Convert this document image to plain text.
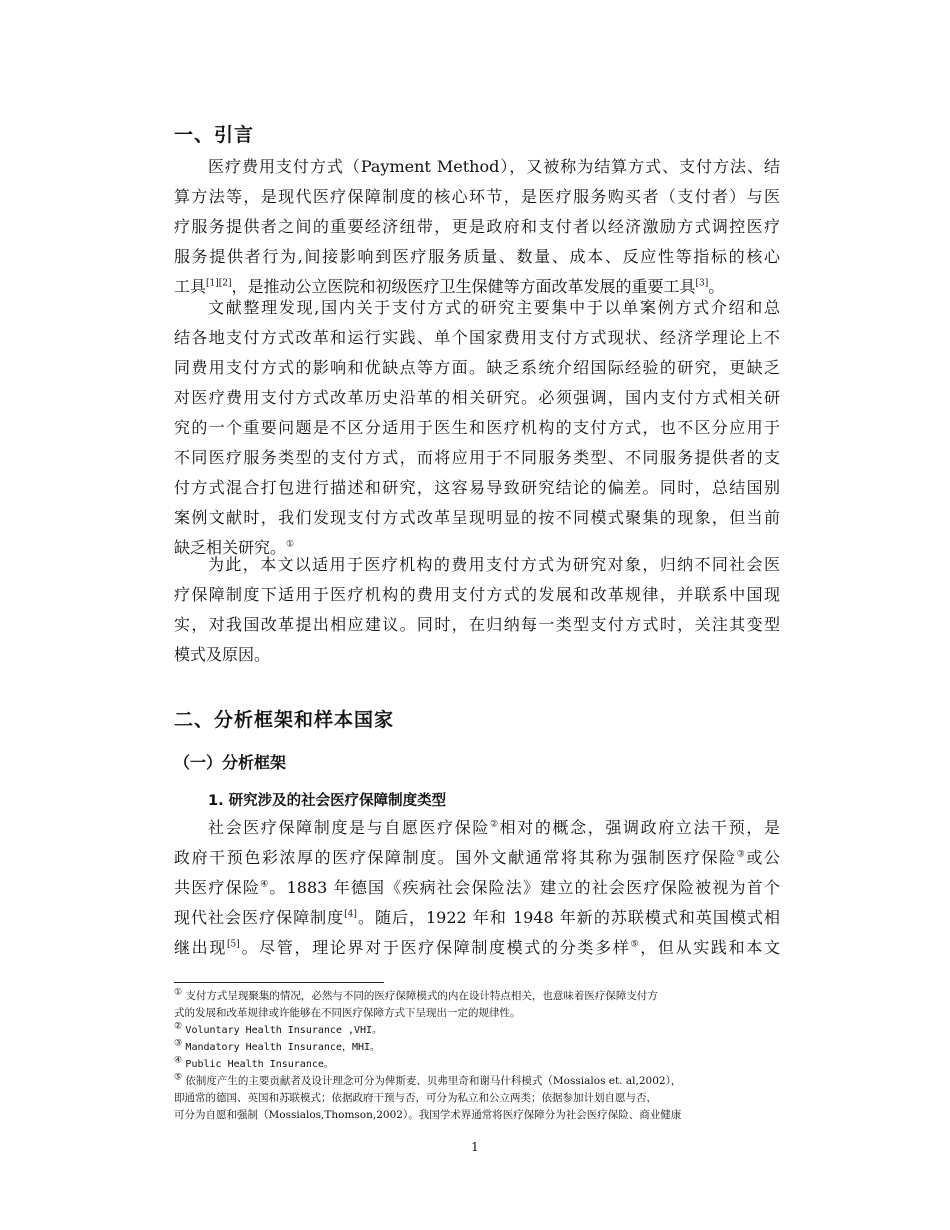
一、引言
医疗费用支付方式（Payment Method），又被称为结算方式、支付方法、结
算方法等，是现代医疗保障制度的核心环节，是医疗服务购买者（支付者）与医
疗服务提供者之间的重要经济纽带，更是政府和支付者以经济激励方式调控医疗
服务提供者行为,间接影响到医疗服务质量、数量、成本、反应性等指标的核心
工具[1][2]，是推动公立医院和初级医疗卫生保健等方面改革发展的重要工具[3]。
文献整理发现,国内关于支付方式的研究主要集中于以单案例方式介绍和总
结各地支付方式改革和运行实践、单个国家费用支付方式现状、经济学理论上不
同费用支付方式的影响和优缺点等方面。缺乏系统介绍国际经验的研究，更缺乏
对医疗费用支付方式改革历史沿革的相关研究。必须强调，国内支付方式相关研
究的一个重要问题是不区分适用于医生和医疗机构的支付方式，也不区分应用于
不同医疗服务类型的支付方式，而将应用于不同服务类型、不同服务提供者的支
付方式混合打包进行描述和研究，这容易导致研究结论的偏差。同时，总结国别
案例文献时，我们发现支付方式改革呈现明显的按不同模式聚集的现象，但当前
缺乏相关研究。①
为此，本文以适用于医疗机构的费用支付方式为研究对象，归纳不同社会医
疗保障制度下适用于医疗机构的费用支付方式的发展和改革规律，并联系中国现
实，对我国改革提出相应建议。同时，在归纳每一类型支付方式时，关注其变型
模式及原因。
二、分析框架和样本国家
（一）分析框架
1. 研究涉及的社会医疗保障制度类型
社会医疗保障制度是与自愿医疗保险②相对的概念，强调政府立法干预，是
政府干预色彩浓厚的医疗保障制度。国外文献通常将其称为强制医疗保险③或公
共医疗保险④。1883 年德国《疾病社会保险法》建立的社会医疗保险被视为首个
现代社会医疗保障制度[4]。随后，1922 年和 1948 年新的苏联模式和英国模式相
继出现[5]。尽管，理论界对于医疗保障制度模式的分类多样⑤，但从实践和本文
① 支付方式呈现聚集的情况，必然与不同的医疗保障模式的内在设计特点相关，也意味着医疗保障支付方
式的发展和改革规律或许能够在不同医疗保障方式下呈现出一定的规律性。
② Voluntary Health Insurance ,VHI。
③ Mandatory Health Insurance，MHI。
④ Public Health Insurance。
⑤ 依制度产生的主要贡献者及设计理念可分为俾斯麦、贝弗里奇和谢马什科模式（Mossialos et. al,2002），
即通常的德国、英国和苏联模式；依据政府干预与否，可分为私立和公立两类；依据参加计划自愿与否，
可分为自愿和强制（Mossialos,Thomson,2002）。我国学术界通常将医疗保障分为社会医疗保险、商业健康
1
